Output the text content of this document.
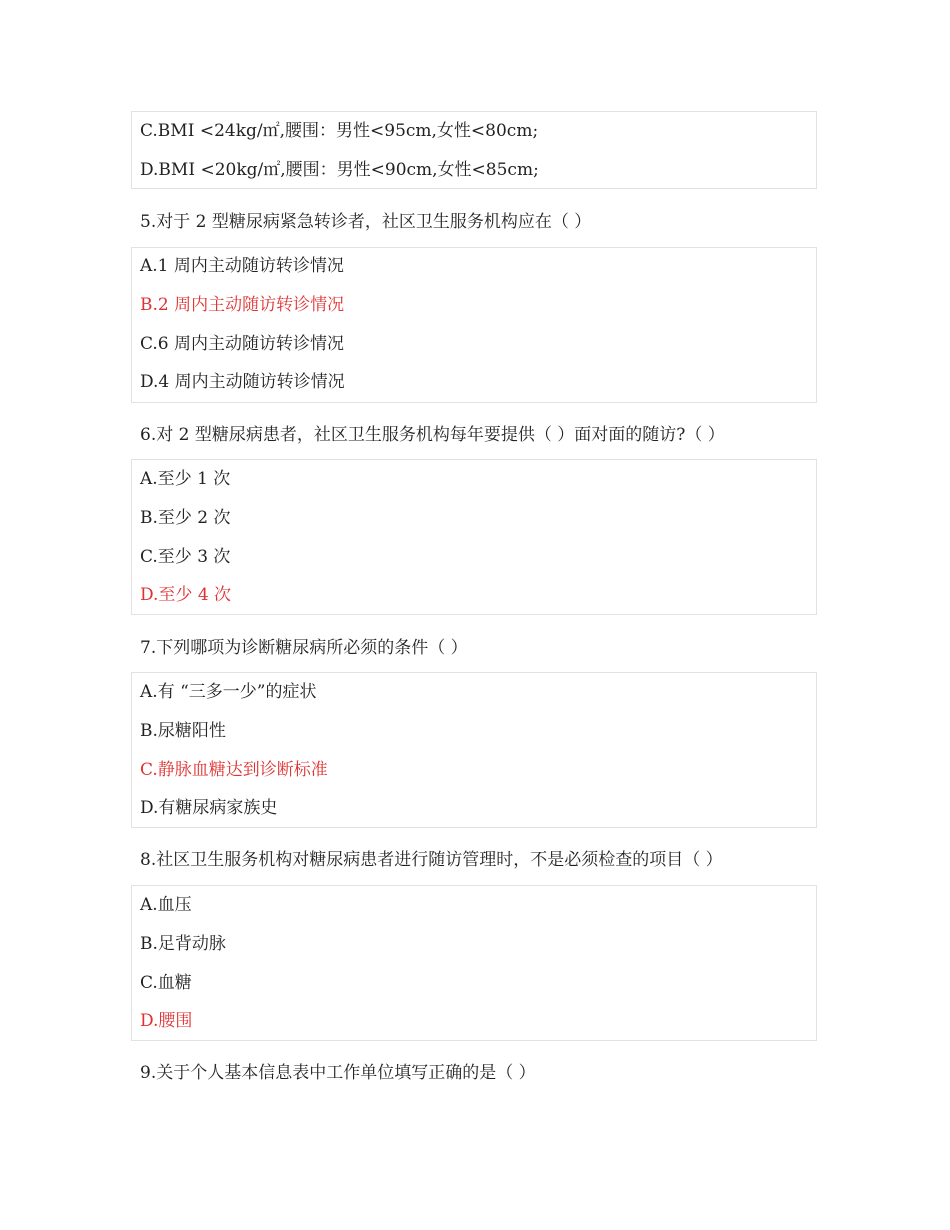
C.BMI <24kg/㎡,腰围：男性<95cm,女性<80cm;
D.BMI <20kg/㎡,腰围：男性<90cm,女性<85cm;
5.对于 2 型糖尿病紧急转诊者，社区卫生服务机构应在（ ）
A.1 周内主动随访转诊情况
B.2 周内主动随访转诊情况
C.6 周内主动随访转诊情况
D.4 周内主动随访转诊情况
6.对 2 型糖尿病患者，社区卫生服务机构每年要提供（ ）面对面的随访?（ ）
A.至少 1 次
B.至少 2 次
C.至少 3 次
D.至少 4 次
7.下列哪项为诊断糖尿病所必须的条件（ ）
A.有 “三多一少”的症状
B.尿糖阳性
C.静脉血糖达到诊断标准
D.有糖尿病家族史
8.社区卫生服务机构对糖尿病患者进行随访管理时，不是必须检查的项目（ ）
A.血压
B.足背动脉
C.血糖
D.腰围
9.关于个人基本信息表中工作单位填写正确的是（ ）
